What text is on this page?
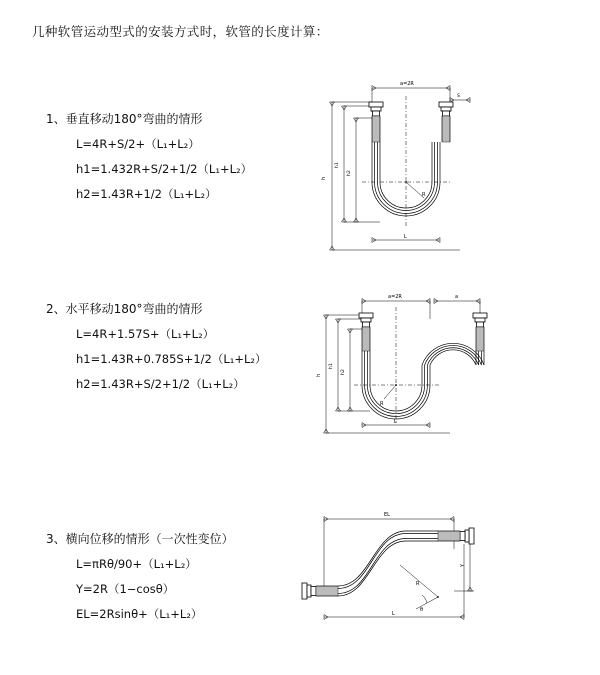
几种软管运动型式的安装方式时，软管的长度计算：
1、垂直移动180°弯曲的情形
L=4R+S/2+（L₁+L₂）
h1=1.432R+S/2+1/2（L₁+L₂）
h2=1.43R+1/2（L₁+L₂）
a=2R
S
h
h1
h2
R
L
2、水平移动180°弯曲的情形
L=4R+1.57S+（L₁+L₂）
h1=1.43R+0.785S+1/2（L₁+L₂）
h2=1.43R+S/2+1/2（L₁+L₂）
a=2R	a
h
h1
h2
R
L
3、横向位移的情形（一次性变位）
L=πRθ/90+（L₁+L₂）
Y=2R（1−cosθ）
EL=2Rsinθ+（L₁+L₂）
EL
Y
R
θ
L
